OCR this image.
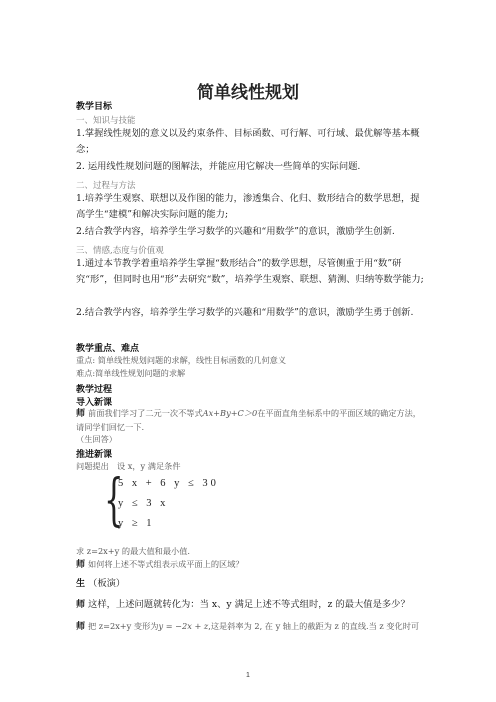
简单线性规划
教学目标
一、知识与技能
1.掌握线性规划的意义以及约束条件、目标函数、可行解、可行域、最优解等基本概念；
2. 运用线性规划问题的图解法，并能应用它解决一些简单的实际问题.
二、过程与方法
1.培养学生观察、联想以及作图的能力，渗透集合、化归、数形结合的数学思想，提高学生“建模”和解决实际问题的能力;
2.结合教学内容，培养学生学习数学的兴趣和“用数学”的意识，激励学生创新.
三、情感,态度与价值观
1.通过本节教学着重培养学生掌握“数形结合”的数学思想，尽管侧重于用“数”研究“形”，但同时也用“形”去研究“数”，培养学生观察、联想、猜测、归纳等数学能力;
2.结合教学内容，培养学生学习数学的兴趣和“用数学”的意识，激励学生勇于创新.
教学重点、难点
重点: 简单线性规划问题的求解，线性目标函数的几何意义
难点:简单线性规划问题的求解
教学过程
导入新课
师 前面我们学习了二元一次不等式Ax+By+C＞0在平面直角坐标系中的平面区域的确定方法，请同学们回忆一下.
（生回答）
推进新课
问题提出　设 x，y 满足条件
{
5 x + 6 y ≤ 30
y ≤ 3 x
y ≥ 1
求 z=2x+y 的最大值和最小值.
师 如何将上述不等式组表示成平面上的区域？
生 （板演）
师 这样，上述问题就转化为：当 x、y 满足上述不等式组时，z 的最大值是多少？
师 把 z=2x+y 变形为y = −2x + z,这是斜率为 2, 在 y 轴上的截距为 z 的直线.当 z 变化时可
1
